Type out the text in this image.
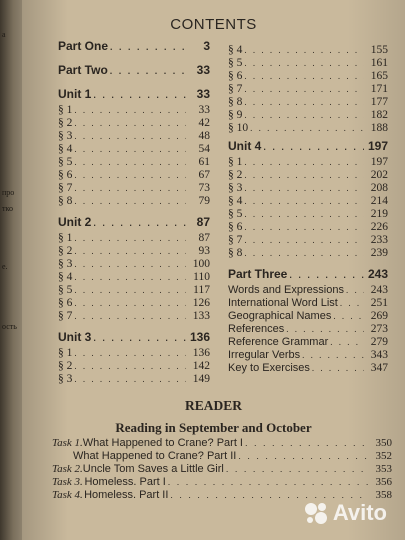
CONTENTS
Part One . . .	3
Part Two . . .	33
Unit 1 . . .	33
§ 1 . . .	33
§ 2 . . .	42
§ 3 . . .	48
§ 4 . . .	54
§ 5 . . .	61
§ 6 . . .	67
§ 7 . . .	73
§ 8 . . .	79
Unit 2 . . .	87
§ 1 . . .	87
§ 2 . . .	93
§ 3 . . .	100
§ 4 . . .	110
§ 5 . . .	117
§ 6 . . .	126
§ 7 . . .	133
Unit 3 . . .	136
§ 1 . . .	136
§ 2 . . .	142
§ 3 . . .	149
§ 4 . . .	155
§ 5 . . .	161
§ 6 . . .	165
§ 7 . . .	171
§ 8 . . .	177
§ 9 . . .	182
§ 10 . . .	188
Unit 4 . . .	197
§ 1 . . .	197
§ 2 . . .	202
§ 3 . . .	208
§ 4 . . .	214
§ 5 . . .	219
§ 6 . . .	226
§ 7 . . .	233
§ 8 . . .	239
Part Three . . .	243
Words and Expressions . . .	243
International Word List . . .	251
Geographical Names . . .	269
References . . .	273
Reference Grammar . . .	279
Irregular Verbs . . .	343
Key to Exercises . . .	347
READER
Reading in September and October
Task 1. What Happened to Crane? Part I . . .	350
What Happened to Crane? Part II . . .	352
Task 2. Uncle Tom Saves a Little Girl . . .	353
Task 3. Homeless. Part I . . .	356
Task 4. Homeless. Part II . . .	358
а
про
тко
е.
ость
Avito
